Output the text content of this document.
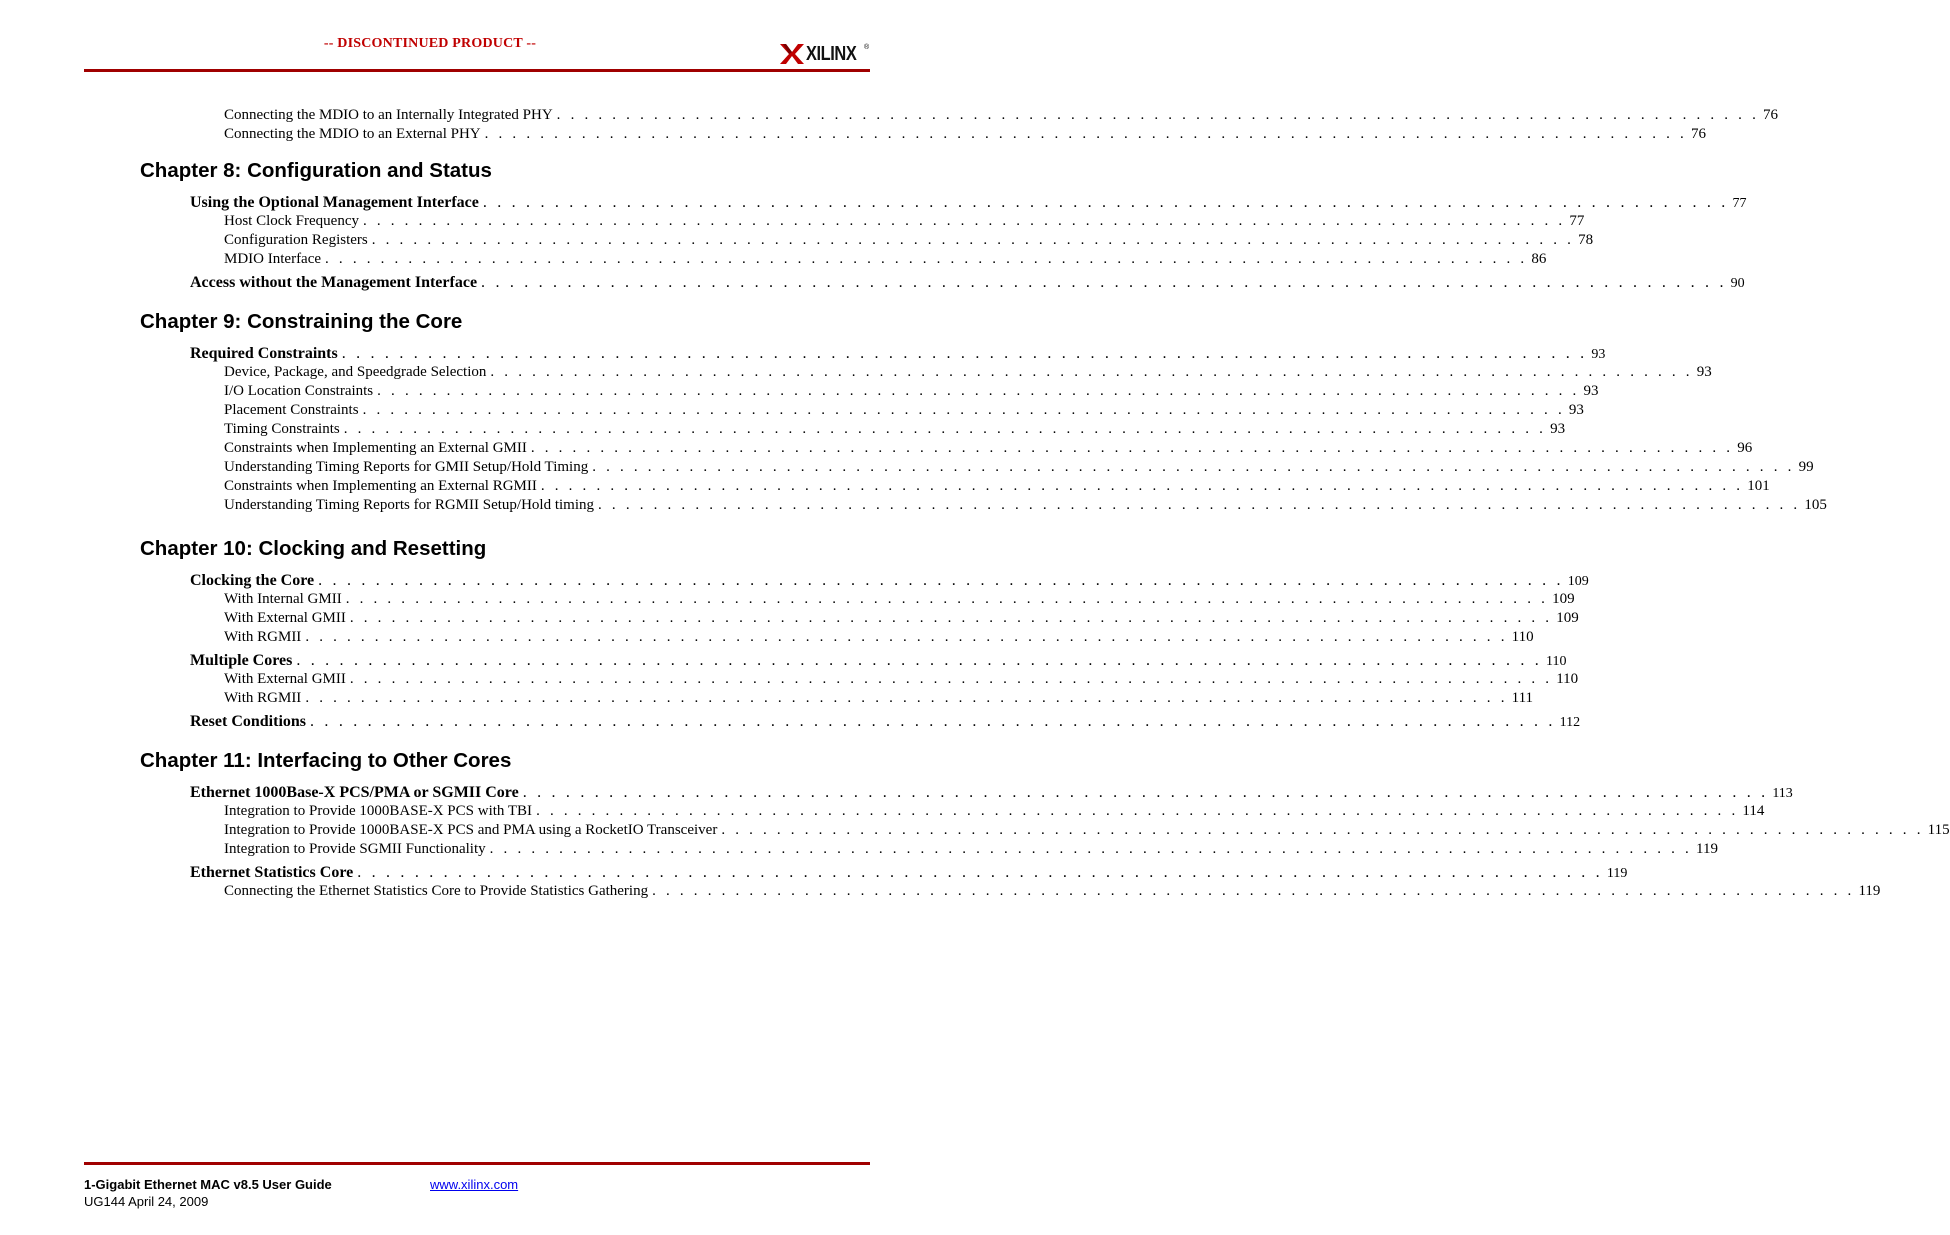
-- DISCONTINUED PRODUCT --	XILINX ®
Connecting the MDIO to an Internally Integrated PHY . . . . . . . . . . . . . . . . . . . . . . . . . . . . . . . . . . . . . . . . . . . . . . . . . . . . . . . . . . . . . . . . . . . . . . . . . . . . . . . . . . . . . . . 76
Connecting the MDIO to an External PHY . . . . . . . . . . . . . . . . . . . . . . . . . . . . . . . . . . . . . . . . . . . . . . . . . . . . . . . . . . . . . . . . . . . . . . . . . . . . . . . . . . . . . . . 76
Chapter 8: Configuration and Status
Using the Optional Management Interface . . . . . . . . . . . . . . . . . . . . . . . . . . . . . . . . . . . . . . . . . . . . . . . . . . . . . . . . . . . . . . . . . . . . . . . . . . . . . . . . . . . . . . . 77
Host Clock Frequency . . . . . . . . . . . . . . . . . . . . . . . . . . . . . . . . . . . . . . . . . . . . . . . . . . . . . . . . . . . . . . . . . . . . . . . . . . . . . . . . . . . . . . . 77
Configuration Registers . . . . . . . . . . . . . . . . . . . . . . . . . . . . . . . . . . . . . . . . . . . . . . . . . . . . . . . . . . . . . . . . . . . . . . . . . . . . . . . . . . . . . . . 78
MDIO Interface . . . . . . . . . . . . . . . . . . . . . . . . . . . . . . . . . . . . . . . . . . . . . . . . . . . . . . . . . . . . . . . . . . . . . . . . . . . . . . . . . . . . . . . 86
Access without the Management Interface . . . . . . . . . . . . . . . . . . . . . . . . . . . . . . . . . . . . . . . . . . . . . . . . . . . . . . . . . . . . . . . . . . . . . . . . . . . . . . . . . . . . . . . 90
Chapter 9: Constraining the Core
Required Constraints . . . . . . . . . . . . . . . . . . . . . . . . . . . . . . . . . . . . . . . . . . . . . . . . . . . . . . . . . . . . . . . . . . . . . . . . . . . . . . . . . . . . . . . 93
Device, Package, and Speedgrade Selection . . . . . . . . . . . . . . . . . . . . . . . . . . . . . . . . . . . . . . . . . . . . . . . . . . . . . . . . . . . . . . . . . . . . . . . . . . . . . . . . . . . . . . . 93
I/O Location Constraints . . . . . . . . . . . . . . . . . . . . . . . . . . . . . . . . . . . . . . . . . . . . . . . . . . . . . . . . . . . . . . . . . . . . . . . . . . . . . . . . . . . . . . . 93
Placement Constraints . . . . . . . . . . . . . . . . . . . . . . . . . . . . . . . . . . . . . . . . . . . . . . . . . . . . . . . . . . . . . . . . . . . . . . . . . . . . . . . . . . . . . . . 93
Timing Constraints . . . . . . . . . . . . . . . . . . . . . . . . . . . . . . . . . . . . . . . . . . . . . . . . . . . . . . . . . . . . . . . . . . . . . . . . . . . . . . . . . . . . . . . 93
Constraints when Implementing an External GMII . . . . . . . . . . . . . . . . . . . . . . . . . . . . . . . . . . . . . . . . . . . . . . . . . . . . . . . . . . . . . . . . . . . . . . . . . . . . . . . . . . . . . . . 96
Understanding Timing Reports for GMII Setup/Hold Timing . . . . . . . . . . . . . . . . . . . . . . . . . . . . . . . . . . . . . . . . . . . . . . . . . . . . . . . . . . . . . . . . . . . . . . . . . . . . . . . . . . . . . . . 99
Constraints when Implementing an External RGMII . . . . . . . . . . . . . . . . . . . . . . . . . . . . . . . . . . . . . . . . . . . . . . . . . . . . . . . . . . . . . . . . . . . . . . . . . . . . . . . . . . . . . . . 101
Understanding Timing Reports for RGMII Setup/Hold timing . . . . . . . . . . . . . . . . . . . . . . . . . . . . . . . . . . . . . . . . . . . . . . . . . . . . . . . . . . . . . . . . . . . . . . . . . . . . . . . . . . . . . . . 105
Chapter 10: Clocking and Resetting
Clocking the Core . . . . . . . . . . . . . . . . . . . . . . . . . . . . . . . . . . . . . . . . . . . . . . . . . . . . . . . . . . . . . . . . . . . . . . . . . . . . . . . . . . . . . . . 109
With Internal GMII . . . . . . . . . . . . . . . . . . . . . . . . . . . . . . . . . . . . . . . . . . . . . . . . . . . . . . . . . . . . . . . . . . . . . . . . . . . . . . . . . . . . . . . 109
With External GMII . . . . . . . . . . . . . . . . . . . . . . . . . . . . . . . . . . . . . . . . . . . . . . . . . . . . . . . . . . . . . . . . . . . . . . . . . . . . . . . . . . . . . . . 109
With RGMII . . . . . . . . . . . . . . . . . . . . . . . . . . . . . . . . . . . . . . . . . . . . . . . . . . . . . . . . . . . . . . . . . . . . . . . . . . . . . . . . . . . . . . . 110
Multiple Cores . . . . . . . . . . . . . . . . . . . . . . . . . . . . . . . . . . . . . . . . . . . . . . . . . . . . . . . . . . . . . . . . . . . . . . . . . . . . . . . . . . . . . . . 110
With External GMII . . . . . . . . . . . . . . . . . . . . . . . . . . . . . . . . . . . . . . . . . . . . . . . . . . . . . . . . . . . . . . . . . . . . . . . . . . . . . . . . . . . . . . . 110
With RGMII . . . . . . . . . . . . . . . . . . . . . . . . . . . . . . . . . . . . . . . . . . . . . . . . . . . . . . . . . . . . . . . . . . . . . . . . . . . . . . . . . . . . . . . 111
Reset Conditions . . . . . . . . . . . . . . . . . . . . . . . . . . . . . . . . . . . . . . . . . . . . . . . . . . . . . . . . . . . . . . . . . . . . . . . . . . . . . . . . . . . . . . . 112
Chapter 11: Interfacing to Other Cores
Ethernet 1000Base-X PCS/PMA or SGMII Core . . . . . . . . . . . . . . . . . . . . . . . . . . . . . . . . . . . . . . . . . . . . . . . . . . . . . . . . . . . . . . . . . . . . . . . . . . . . . . . . . . . . . . . 113
Integration to Provide 1000BASE-X PCS with TBI . . . . . . . . . . . . . . . . . . . . . . . . . . . . . . . . . . . . . . . . . . . . . . . . . . . . . . . . . . . . . . . . . . . . . . . . . . . . . . . . . . . . . . . 114
Integration to Provide 1000BASE-X PCS and PMA using a RocketIO Transceiver . . . . . . . . . . . . . . . . . . . . . . . . . . . . . . . . . . . . . . . . . . . . . . . . . . . . . . . . . . . . . . . . . . . . . . . . . . . . . . . . . . . . . . . 115
Integration to Provide SGMII Functionality . . . . . . . . . . . . . . . . . . . . . . . . . . . . . . . . . . . . . . . . . . . . . . . . . . . . . . . . . . . . . . . . . . . . . . . . . . . . . . . . . . . . . . . 119
Ethernet Statistics Core . . . . . . . . . . . . . . . . . . . . . . . . . . . . . . . . . . . . . . . . . . . . . . . . . . . . . . . . . . . . . . . . . . . . . . . . . . . . . . . . . . . . . . . 119
Connecting the Ethernet Statistics Core to Provide Statistics Gathering . . . . . . . . . . . . . . . . . . . . . . . . . . . . . . . . . . . . . . . . . . . . . . . . . . . . . . . . . . . . . . . . . . . . . . . . . . . . . . . . . . . . . . . 119
1-Gigabit Ethernet MAC v8.5 User Guide
UG144 April 24, 2009
www.xilinx.com
